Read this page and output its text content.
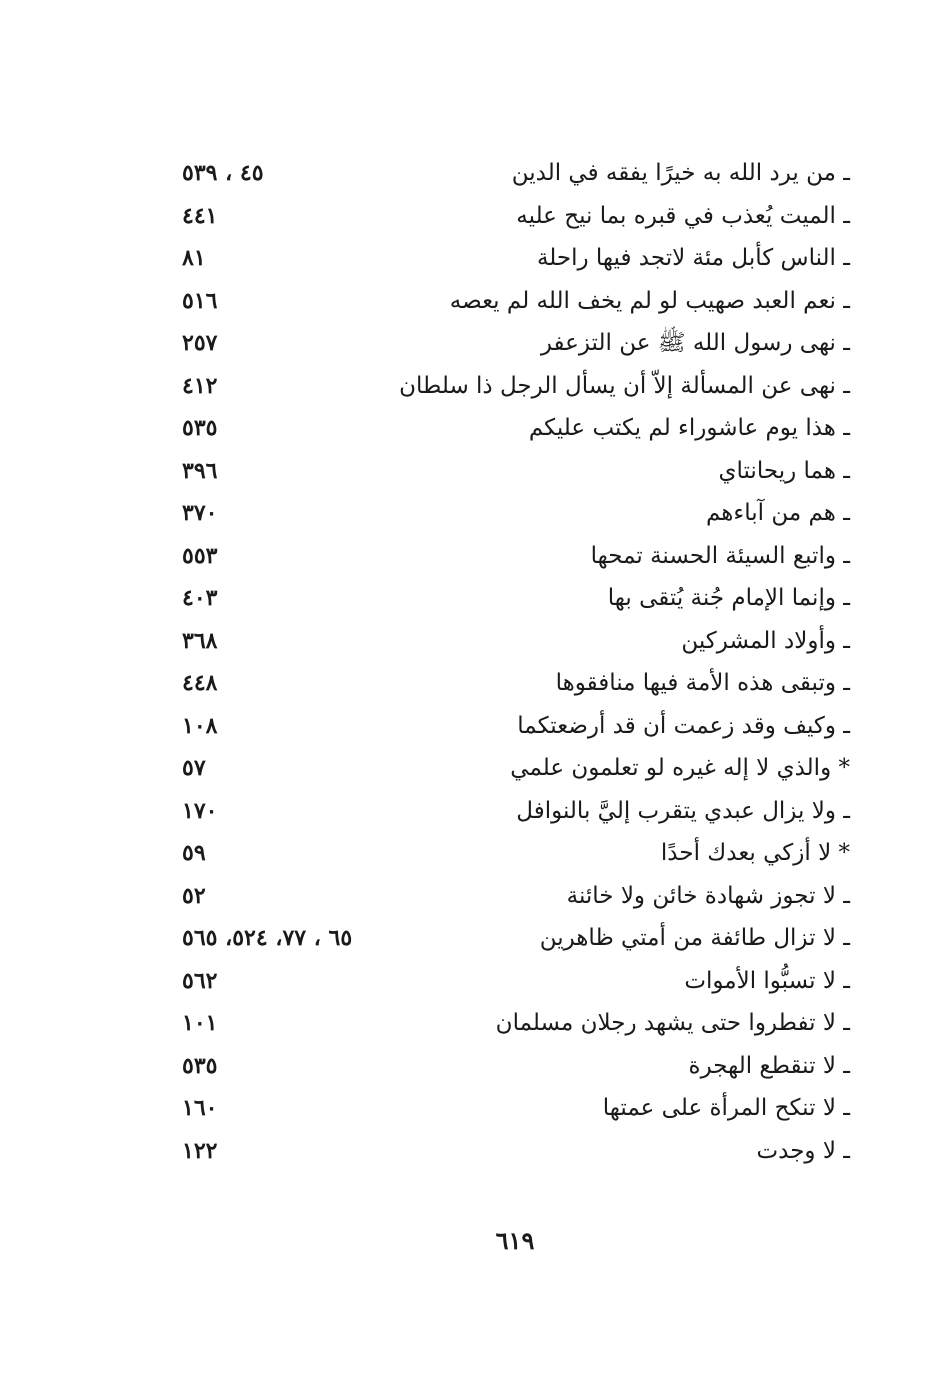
ـ من يرد الله به خيرًا يفقه في الدين
٤٥ ، ٥٣٩
ـ الميت يُعذب في قبره بما نيح عليه
٤٤١
ـ الناس كأبل مئة لاتجد فيها راحلة
٨١
ـ نعم العبد صهيب لو لم يخف الله لم يعصه
٥١٦
ـ نهى رسول الله ﷺ عن التزعفر
٢٥٧
ـ نهى عن المسألة إلاّ أن يسأل الرجل ذا سلطان
٤١٢
ـ هذا يوم عاشوراء لم يكتب عليكم
٥٣٥
ـ هما ريحانتاي
٣٩٦
ـ هم من آباءهم
٣٧٠
ـ واتبع السيئة الحسنة تمحها
٥٥٣
ـ وإنما الإمام جُنة يُتقى بها
٤٠٣
ـ وأولاد المشركين
٣٦٨
ـ وتبقى هذه الأمة فيها منافقوها
٤٤٨
ـ وكيف وقد زعمت أن قد أرضعتكما
١٠٨
* والذي لا إله غيره لو تعلمون علمي
٥٧
ـ ولا يزال عبدي يتقرب إليَّ بالنوافل
١٧٠
* لا أزكي بعدك أحدًا
٥٩
ـ لا تجوز شهادة خائن ولا خائنة
٥٢
ـ لا تزال طائفة من أمتي ظاهرين
٦٥ ، ٧٧، ٥٢٤، ٥٦٥
ـ لا تسبُّوا الأموات
٥٦٢
ـ لا تفطروا حتى يشهد رجلان مسلمان
١٠١
ـ لا تنقطع الهجرة
٥٣٥
ـ لا تنكح المرأة على عمتها
١٦٠
ـ لا وجدت
١٢٢
٦١٩
